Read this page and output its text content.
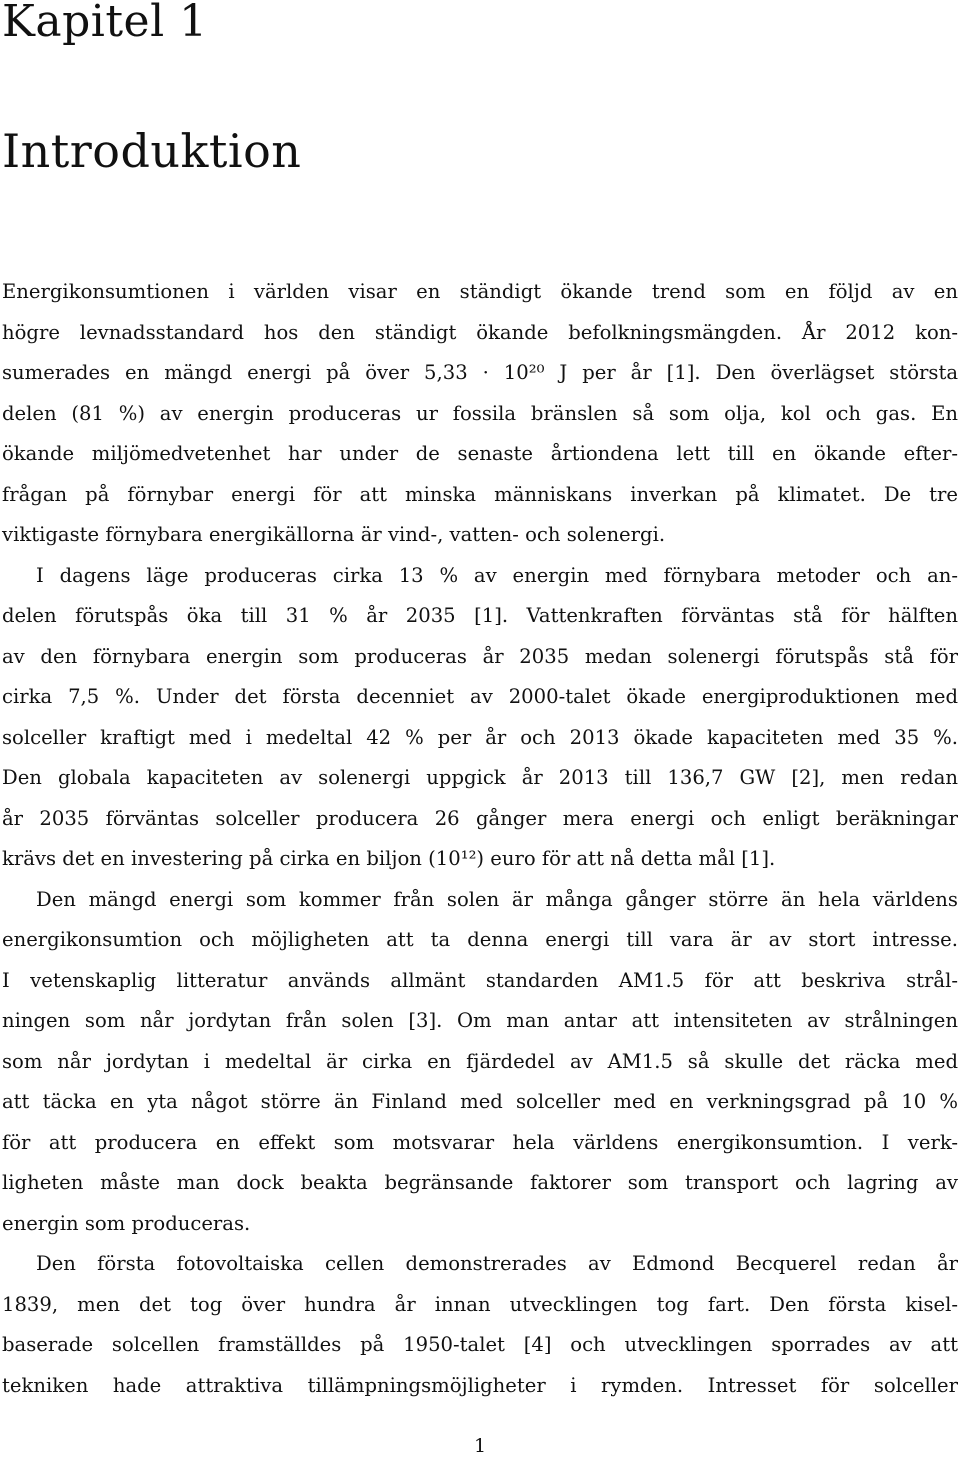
Kapitel 1
Introduktion
Energikonsumtionen i världen visar en ständigt ökande trend som en följd av en
högre levnadsstandard hos den ständigt ökande befolkningsmängden. År 2012 kon-
sumerades en mängd energi på över 5,33 · 10²⁰ J per år [1]. Den överlägset största
delen (81 %) av energin produceras ur fossila bränslen så som olja, kol och gas. En
ökande miljömedvetenhet har under de senaste årtiondena lett till en ökande efter-
frågan på förnybar energi för att minska människans inverkan på klimatet. De tre
viktigaste förnybara energikällorna är vind-, vatten- och solenergi.
I dagens läge produceras cirka 13 % av energin med förnybara metoder och an-
delen förutspås öka till 31 % år 2035 [1]. Vattenkraften förväntas stå för hälften
av den förnybara energin som produceras år 2035 medan solenergi förutspås stå för
cirka 7,5 %. Under det första decenniet av 2000-talet ökade energiproduktionen med
solceller kraftigt med i medeltal 42 % per år och 2013 ökade kapaciteten med 35 %.
Den globala kapaciteten av solenergi uppgick år 2013 till 136,7 GW [2], men redan
år 2035 förväntas solceller producera 26 gånger mera energi och enligt beräkningar
krävs det en investering på cirka en biljon (10¹²) euro för att nå detta mål [1].
Den mängd energi som kommer från solen är många gånger större än hela världens
energikonsumtion och möjligheten att ta denna energi till vara är av stort intresse.
I vetenskaplig litteratur används allmänt standarden AM1.5 för att beskriva strål-
ningen som når jordytan från solen [3]. Om man antar att intensiteten av strålningen
som når jordytan i medeltal är cirka en fjärdedel av AM1.5 så skulle det räcka med
att täcka en yta något större än Finland med solceller med en verkningsgrad på 10 %
för att producera en effekt som motsvarar hela världens energikonsumtion. I verk-
ligheten måste man dock beakta begränsande faktorer som transport och lagring av
energin som produceras.
Den första fotovoltaiska cellen demonstrerades av Edmond Becquerel redan år
1839, men det tog över hundra år innan utvecklingen tog fart. Den första kisel-
baserade solcellen framställdes på 1950-talet [4] och utvecklingen sporrades av att
tekniken hade attraktiva tillämpningsmöjligheter i rymden. Intresset för solceller
1
